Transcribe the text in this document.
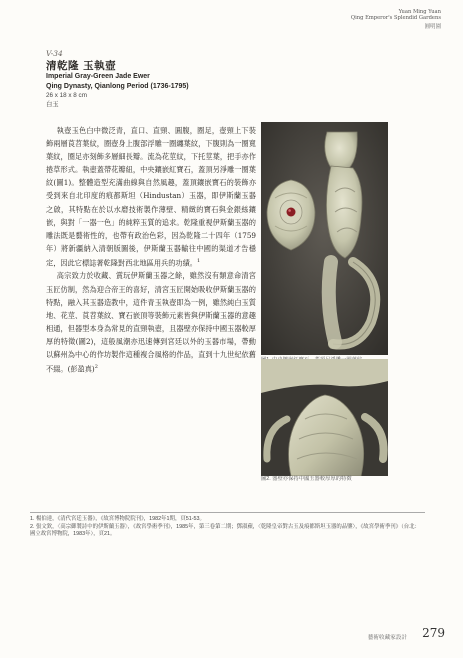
Yuan Ming Yuan
Qing Emperor's Splendid Gardens
圓明園
V-34
清乾隆 玉執壺
Imperial Gray-Green Jade Ewer
Qing Dynasty, Qianlong Period (1736-1795)
26 x 18 x 8 cm
白玉

執壺玉色白中微泛青，直口、直頸、圓腹，圈足，壺頸上下裝飾兩層莨苕葉紋，圈壺身上腹部浮雕一圈纏葉紋，下腹則為一圈寬葉紋，圈足亦刻飾多層細長瓣。流為花莖紋，下托莖葉，把手亦作捲草形式。執壺蓋帶花瓣紐，中央鑲嵌紅寶石，蓋頂另淨雕一圈葉紋(圖1)。整體造型充滿曲線與自然風趣，蓋頂鑲嵌寶石的裝飾亦受到來自北印度的痕都斯坦（Hindustan）玉器，即伊斯蘭玉器之啟，其特點在於以水磨技術製作薄壁、精緻的寶石與金銀絲鑲嵌，與對「一器一色」的純粹玉質的追求。乾隆重視伊斯蘭玉器的雕法既是藝術性的，也帶有政治色彩，因為乾隆二十四年（1759年）將新疆納入清朝版圖後，伊斯蘭玉器輸往中國的渠道才告穩定，因此它標誌著乾隆對西北地區用兵的功績。$^1$

高宗致力於收藏、賞玩伊斯蘭玉器之餘，雖然沒有類意命清宮玉匠仿制，然為迎合帝王的喜好，清宮玉匠開始吸收伊斯蘭玉器的特點，融入其玉器造教中，這件青玉執壺即為一例，雖然純白玉質地、花莖、莨苕葉紋、寶石嵌頂等裝飾元素皆與伊斯蘭玉器的意趣相通，但器型本身為常見的直頸執壺，且器壁亦保持中國玉器較厚厚的特徵(圖2)，這般風潮亦迅速傳到宮廷以外的玉器市場，帶動以蘇州為中心的作坊製作這種複合風格的作品，直到十九世紀依舊不綴。(彭盈真)$^2$

圖2. 器壁亦保持中國玉器較厚厚的特徵
1. 楊伯達，《清代宮廷玉器》，《故宮博物院院刊》，1982年1期，頁51-53。
2. 張文欽，〈高宗御製詩中的伊斯蘭玉器〉，《故宮學術季刊》，1985年，第三卷第二期；鄧淑蘋，〈乾隆皇帝對古玉及痕都斯坦玉器的品鑒〉，《故宮學術季刊》（台北：國立故宮博物院，1983年），頁21。
藝術收藏家設計 279
